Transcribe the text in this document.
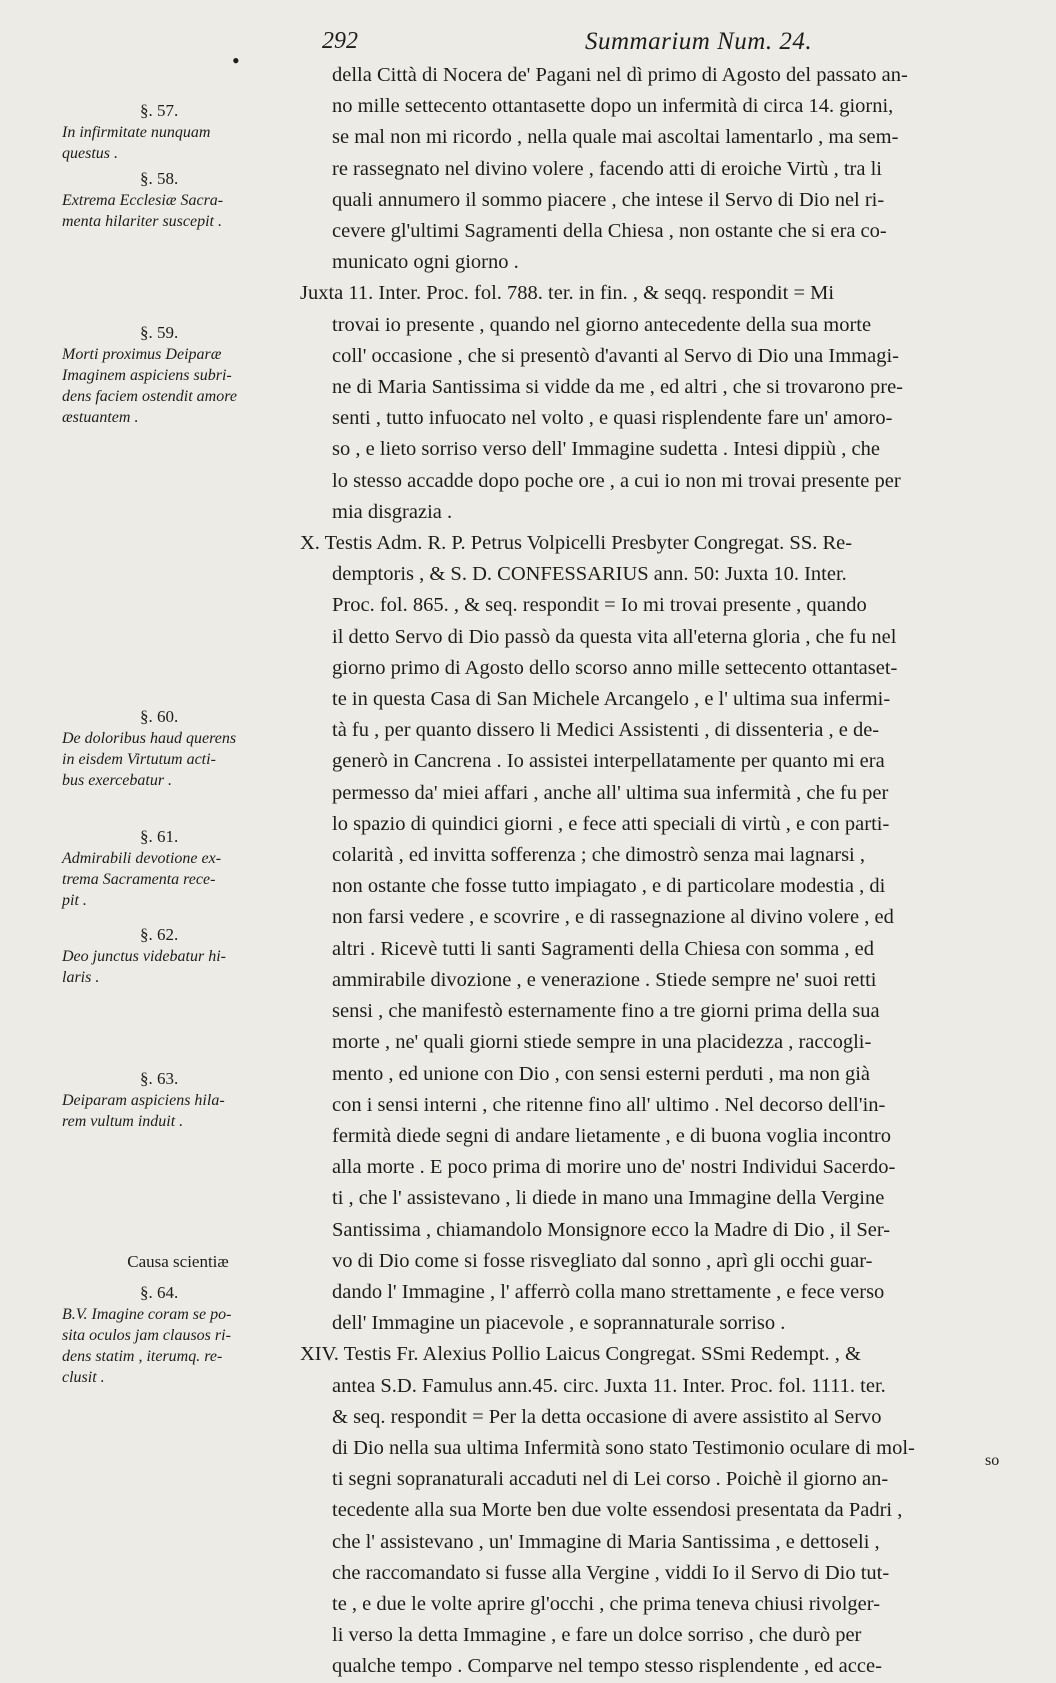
•
292	Summarium Num. 24.
§. 57.
In infirmitate nunquam
questus .
§. 58.
Extrema Ecclesiæ Sacra-
menta hilariter suscepit .
§. 59.
Morti proximus Deiparæ
Imaginem aspiciens subri-
dens faciem ostendit amore
æstuantem .
§. 60.
De doloribus haud querens
in eisdem Virtutum acti-
bus exercebatur .
§. 61.
Admirabili devotione ex-
trema Sacramenta rece-
pit .
§. 62.
Deo junctus videbatur hi-
laris .
§. 63.
Deiparam aspiciens hila-
rem vultum induit .
Causa scientiæ
§. 64.
B.V. Imagine coram se po-
sita oculos jam clausos ri-
dens statim , iterumq. re-
clusit .
della Città di Nocera de' Pagani nel dì primo di Agosto del passato an-
no mille settecento ottantasette dopo un infermità di circa 14. giorni,
se mal non mi ricordo , nella quale mai ascoltai lamentarlo , ma sem-
re rassegnato nel divino volere , facendo atti di eroiche Virtù , tra li
quali annumero il sommo piacere , che intese il Servo di Dio nel ri-
cevere gl'ultimi Sagramenti della Chiesa , non ostante che si era co-
municato ogni giorno .
Juxta 11. Inter. Proc. fol. 788. ter. in fin. , & seqq. respondit = Mi
trovai io presente , quando nel giorno antecedente della sua morte
coll' occasione , che si presentò d'avanti al Servo di Dio una Immagi-
ne di Maria Santissima si vidde da me , ed altri , che si trovarono pre-
senti , tutto infuocato nel volto , e quasi risplendente fare un' amoro-
so , e lieto sorriso verso dell' Immagine sudetta . Intesi dippiù , che
lo stesso accadde dopo poche ore , a cui io non mi trovai presente per
mia disgrazia .
X. Testis Adm. R. P. Petrus Volpicelli Presbyter Congregat. SS. Re-
demptoris , & S. D. CONFESSARIUS ann. 50: Juxta 10. Inter.
Proc. fol. 865. , & seq. respondit = Io mi trovai presente , quando
il detto Servo di Dio passò da questa vita all'eterna gloria , che fu nel
giorno primo di Agosto dello scorso anno mille settecento ottantaset-
te in questa Casa di San Michele Arcangelo , e l' ultima sua infermi-
tà fu , per quanto dissero li Medici Assistenti , di dissenteria , e de-
generò in Cancrena . Io assistei interpellatamente per quanto mi era
permesso da' miei affari , anche all' ultima sua infermità , che fu per
lo spazio di quindici giorni , e fece atti speciali di virtù , e con parti-
colarità , ed invitta sofferenza ; che dimostrò senza mai lagnarsi ,
non ostante che fosse tutto impiagato , e di particolare modestia , di
non farsi vedere , e scovrire , e di rassegnazione al divino volere , ed
altri . Ricevè tutti li santi Sagramenti della Chiesa con somma , ed
ammirabile divozione , e venerazione . Stiede sempre ne' suoi retti
sensi , che manifestò esternamente fino a tre giorni prima della sua
morte , ne' quali giorni stiede sempre in una placidezza , raccogli-
mento , ed unione con Dio , con sensi esterni perduti , ma non già
con i sensi interni , che ritenne fino all' ultimo . Nel decorso dell'in-
fermità diede segni di andare lietamente , e di buona voglia incontro
alla morte . E poco prima di morire uno de' nostri Individui Sacerdo-
ti , che l' assistevano , li diede in mano una Immagine della Vergine
Santissima , chiamandolo Monsignore ecco la Madre di Dio , il Ser-
vo di Dio come si fosse risvegliato dal sonno , aprì gli occhi guar-
dando l' Immagine , l' afferrò colla mano strettamente , e fece verso
dell' Immagine un piacevole , e soprannaturale sorriso .
XIV. Testis Fr. Alexius Pollio Laicus Congregat. SSmi Redempt. , &
antea S.D. Famulus ann.45. circ. Juxta 11. Inter. Proc. fol. 1111. ter.
& seq. respondit = Per la detta occasione di avere assistito al Servo
di Dio nella sua ultima Infermità sono stato Testimonio oculare di mol-
ti segni sopranaturali accaduti nel di Lei corso . Poichè il giorno an-
tecedente alla sua Morte ben due volte essendosi presentata da Padri ,
che l' assistevano , un' Immagine di Maria Santissima , e dettoseli ,
che raccomandato si fusse alla Vergine , viddi Io il Servo di Dio tut-
te , e due le volte aprire gl'occhi , che prima teneva chiusi rivolger-
li verso la detta Immagine , e fare un dolce sorriso , che durò per
qualche tempo . Comparve nel tempo stesso risplendente , ed acce-
so
